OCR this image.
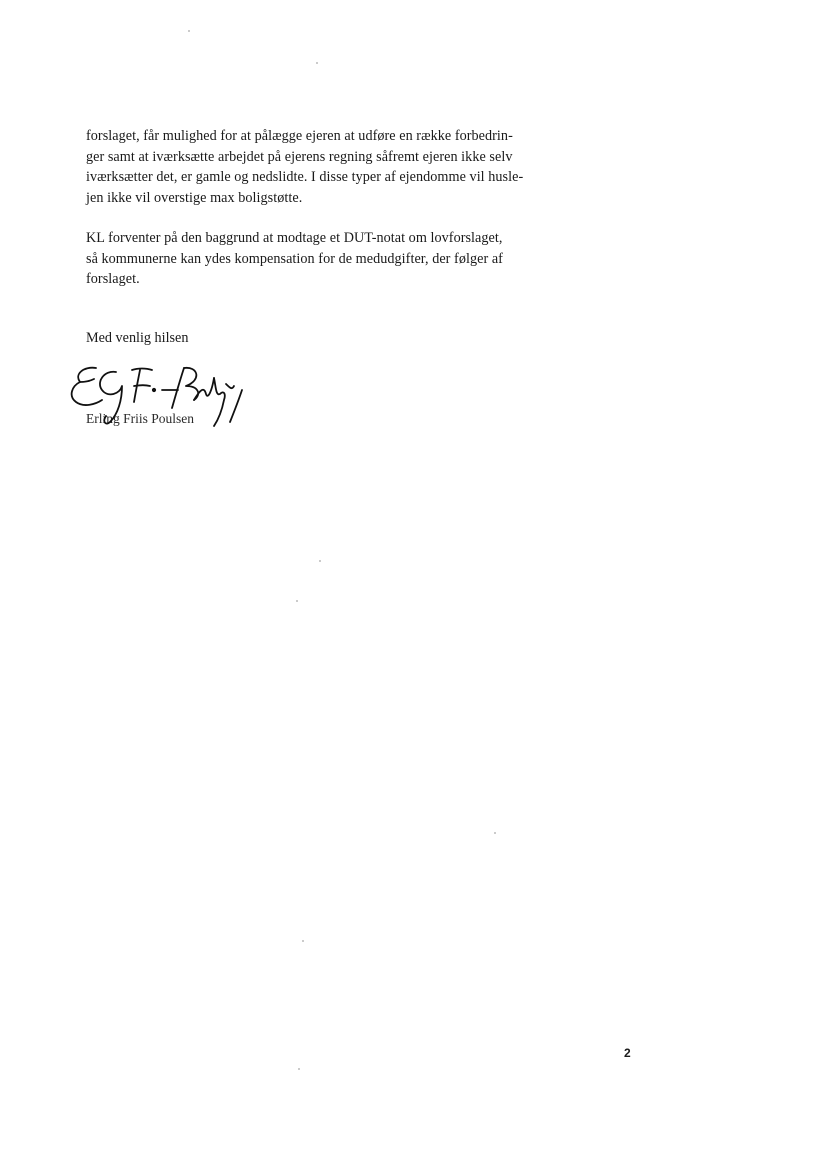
forslaget, får mulighed for at pålægge ejeren at udføre en række forbedrin-
ger samt at iværksætte arbejdet på ejerens regning såfremt ejeren ikke selv
iværksætter det, er gamle og nedslidte. I disse typer af ejendomme vil husle-
jen ikke vil overstige max boligstøtte.
KL forventer på den baggrund at modtage et DUT-notat om lovforslaget,
så kommunerne kan ydes kompensation for de medudgifter, der følger af
forslaget.
Med venlig hilsen
Erling Friis Poulsen
2
